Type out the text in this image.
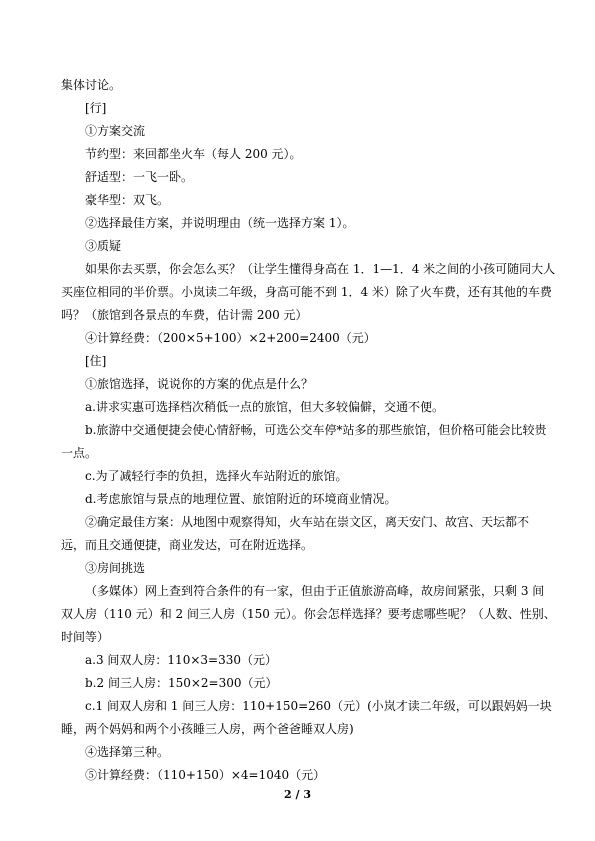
集体讨论。
[行]
①方案交流
节约型：来回都坐火车（每人 200 元）。
舒适型：一飞一卧。
豪华型：双飞。
②选择最佳方案，并说明理由（统一选择方案 1）。
③质疑
如果你去买票，你会怎么买？（让学生懂得身高在 1．1—1．4 米之间的小孩可随同大人
买座位相同的半价票。小岚读二年级，身高可能不到 1．4 米）除了火车费，还有其他的车费
吗？（旅馆到各景点的车费，估计需 200 元）
④计算经费：（200×5+100）×2+200=2400（元）
[住]
①旅馆选择，说说你的方案的优点是什么？
a.讲求实惠可选择档次稍低一点的旅馆，但大多较偏僻，交通不便。
b.旅游中交通便捷会使心情舒畅，可选公交车停*站多的那些旅馆，但价格可能会比较贵
一点。
c.为了减轻行李的负担，选择火车站附近的旅馆。
d.考虑旅馆与景点的地理位置、旅馆附近的环境商业情况。
②确定最佳方案：从地图中观察得知，火车站在崇文区，离天安门、故宫、天坛都不
远，而且交通便捷，商业发达，可在附近选择。
③房间挑选
（多媒体）网上查到符合条件的有一家，但由于正值旅游高峰，故房间紧张，只剩 3 间
双人房（110 元）和 2 间三人房（150 元）。你会怎样选择？要考虑哪些呢？（人数、性别、
时间等）
a.3 间双人房：110×3=330（元）
b.2 间三人房：150×2=300（元）
c.1 间双人房和 1 间三人房：110+150=260（元）(小岚才读二年级，可以跟妈妈一块
睡，两个妈妈和两个小孩睡三人房，两个爸爸睡双人房)
④选择第三种。
⑤计算经费：（110+150）×4=1040（元）
2 / 3
